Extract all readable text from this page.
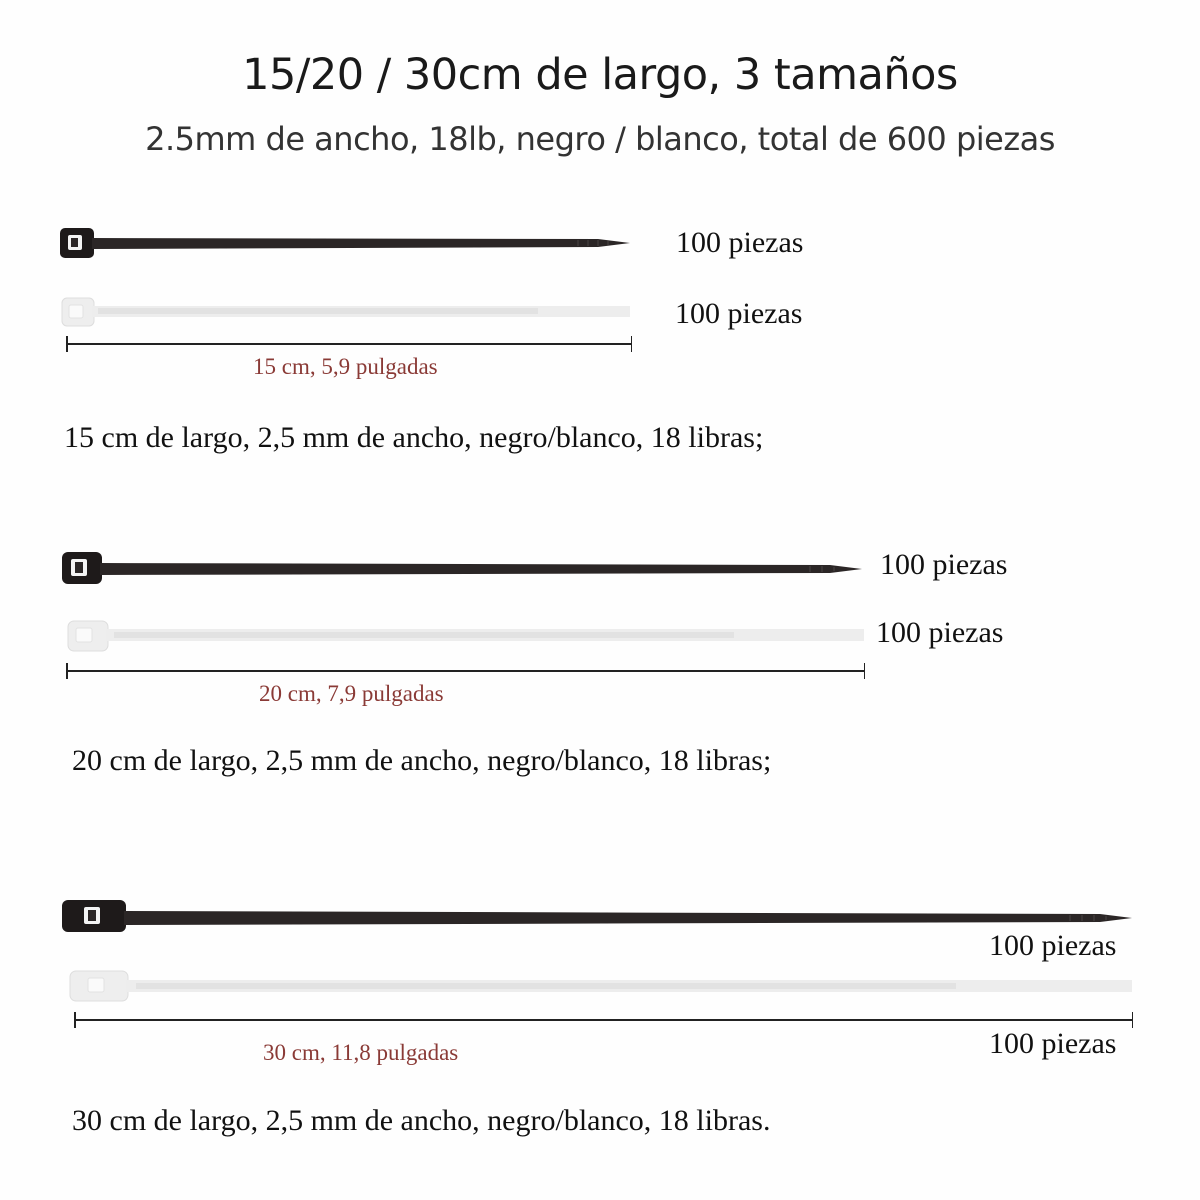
15/20 / 30cm de largo, 3 tamaños
2.5mm de ancho, 18lb, negro / blanco, total de 600 piezas
100 piezas
100 piezas
15 cm, 5,9 pulgadas
15 cm de largo, 2,5 mm de ancho, negro/blanco, 18 libras;
100 piezas
100 piezas
20 cm, 7,9 pulgadas
20 cm de largo, 2,5 mm de ancho, negro/blanco, 18 libras;
100 piezas
30 cm, 11,8 pulgadas	100 piezas
30 cm de largo, 2,5 mm de ancho, negro/blanco, 18 libras.
